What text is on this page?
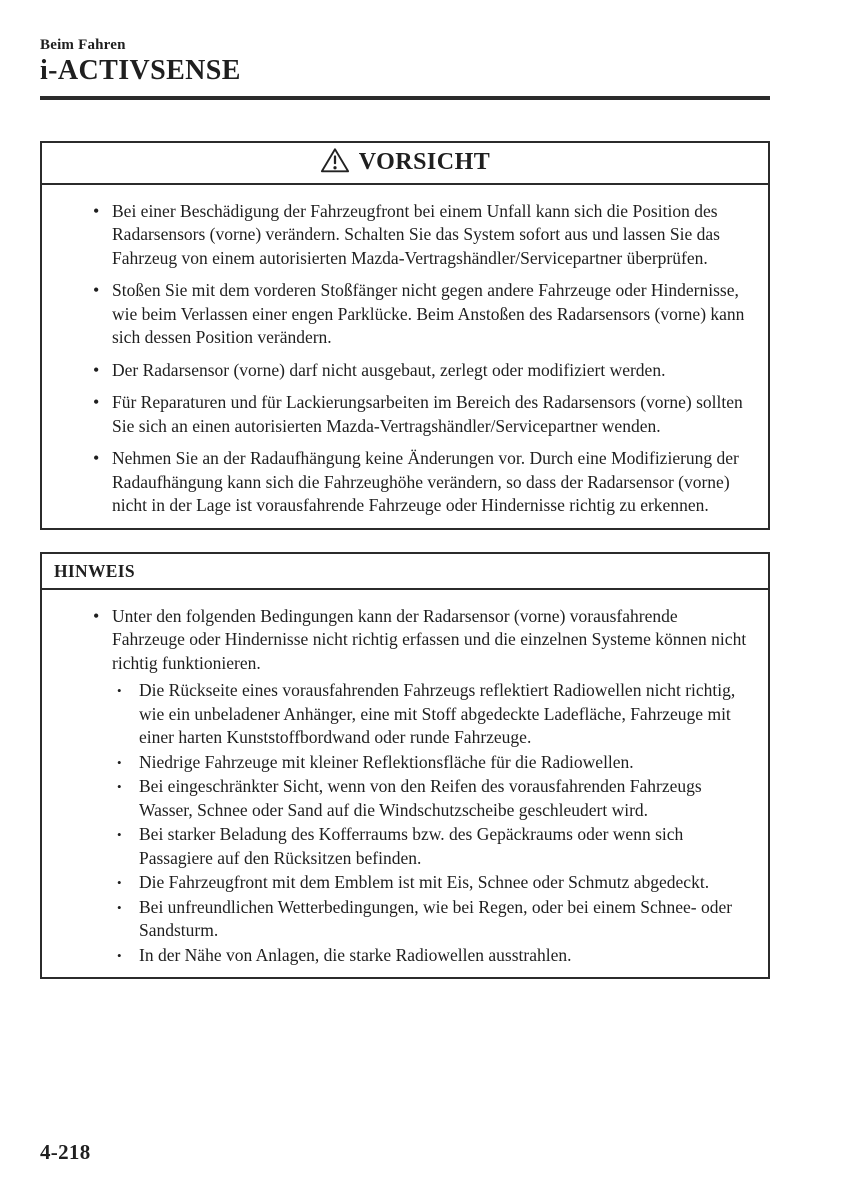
Beim Fahren
i-ACTIVSENSE
VORSICHT
• Bei einer Beschädigung der Fahrzeugfront bei einem Unfall kann sich die Position des Radarsensors (vorne) verändern. Schalten Sie das System sofort aus und lassen Sie das Fahrzeug von einem autorisierten Mazda-Vertragshändler/Servicepartner überprüfen.
• Stoßen Sie mit dem vorderen Stoßfänger nicht gegen andere Fahrzeuge oder Hindernisse, wie beim Verlassen einer engen Parklücke. Beim Anstoßen des Radarsensors (vorne) kann sich dessen Position verändern.
• Der Radarsensor (vorne) darf nicht ausgebaut, zerlegt oder modifiziert werden.
• Für Reparaturen und für Lackierungsarbeiten im Bereich des Radarsensors (vorne) sollten Sie sich an einen autorisierten Mazda-Vertragshändler/Servicepartner wenden.
• Nehmen Sie an der Radaufhängung keine Änderungen vor. Durch eine Modifizierung der Radaufhängung kann sich die Fahrzeughöhe verändern, so dass der Radarsensor (vorne) nicht in der Lage ist vorausfahrende Fahrzeuge oder Hindernisse richtig zu erkennen.
HINWEIS
• Unter den folgenden Bedingungen kann der Radarsensor (vorne) vorausfahrende Fahrzeuge oder Hindernisse nicht richtig erfassen und die einzelnen Systeme können nicht richtig funktionieren.
• Die Rückseite eines vorausfahrenden Fahrzeugs reflektiert Radiowellen nicht richtig, wie ein unbeladener Anhänger, eine mit Stoff abgedeckte Ladefläche, Fahrzeuge mit einer harten Kunststoffbordwand oder runde Fahrzeuge.
• Niedrige Fahrzeuge mit kleiner Reflektionsfläche für die Radiowellen.
• Bei eingeschränkter Sicht, wenn von den Reifen des vorausfahrenden Fahrzeugs Wasser, Schnee oder Sand auf die Windschutzscheibe geschleudert wird.
• Bei starker Beladung des Kofferraums bzw. des Gepäckraums oder wenn sich Passagiere auf den Rücksitzen befinden.
• Die Fahrzeugfront mit dem Emblem ist mit Eis, Schnee oder Schmutz abgedeckt.
• Bei unfreundlichen Wetterbedingungen, wie bei Regen, oder bei einem Schnee- oder Sandsturm.
• In der Nähe von Anlagen, die starke Radiowellen ausstrahlen.
4-218
